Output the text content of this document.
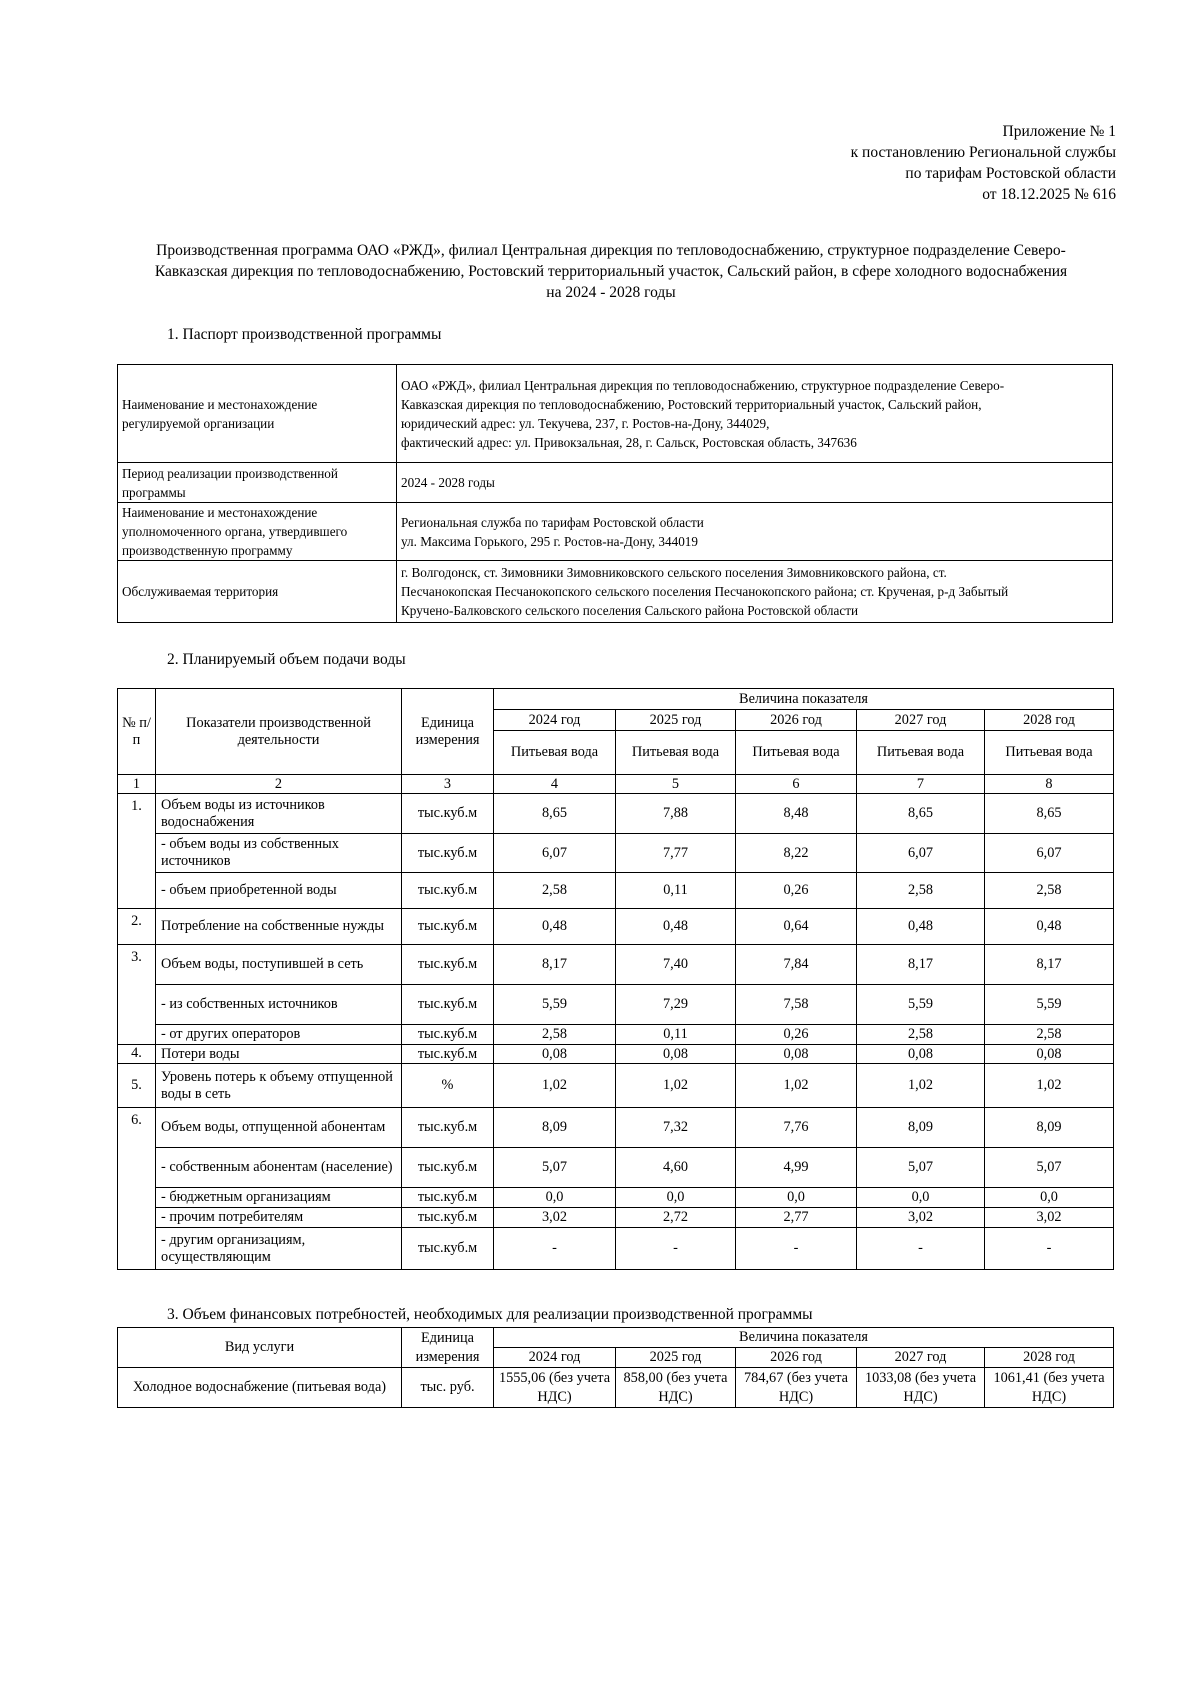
Приложение № 1
к постановлению Региональной службы
по тарифам Ростовской области
от 18.12.2025 № 616
Производственная программа ОАО «РЖД», филиал Центральная дирекция по тепловодоснабжению, структурное подразделение Северо-
Кавказская дирекция по тепловодоснабжению, Ростовский территориальный участок, Сальский район, в сфере холодного водоснабжения
на 2024 - 2028 годы
1. Паспорт производственной программы
Наименование и местонахождение регулируемой организации	ОАО «РЖД», филиал Центральная дирекция по тепловодоснабжению, структурное подразделение Северо-
Кавказская дирекция по тепловодоснабжению, Ростовский территориальный участок, Сальский район,
юридический адрес: ул. Текучева, 237, г. Ростов-на-Дону, 344029,
фактический адрес: ул. Привокзальная, 28, г. Сальск, Ростовская область, 347636

Период реализации производственной программы	2024 - 2028 годы

Наименование и местонахождение уполномоченного органа, утвердившего производственную программу	Региональная служба по тарифам Ростовской области
ул. Максима Горького, 295 г. Ростов-на-Дону, 344019

Обслуживаемая территория	г. Волгодонск, ст. Зимовники Зимовниковского сельского поселения Зимовниковского района, ст.
Песчанокопская Песчанокопского сельского поселения Песчанокопского района; ст. Крученая, р-д Забытый
Кручено-Балковского сельского поселения Сальского района Ростовской области
2. Планируемый объем подачи воды
№ п/п	Показатели производственной деятельности	Единица измерения	Величина показателя				
			2024 год	2025 год	2026 год	2027 год	2028 год
			Питьевая вода	Питьевая вода	Питьевая вода	Питьевая вода	Питьевая вода
1	2	3	4	5	6	7	8
1.	Объем воды из источников водоснабжения	тыс.куб.м	8,65	7,88	8,48	8,65	8,65
	- объем воды из собственных источников	тыс.куб.м	6,07	7,77	8,22	6,07	6,07
	- объем приобретенной воды	тыс.куб.м	2,58	0,11	0,26	2,58	2,58
2.	Потребление на собственные нужды	тыс.куб.м	0,48	0,48	0,64	0,48	0,48
3.	Объем воды, поступившей в сеть	тыс.куб.м	8,17	7,40	7,84	8,17	8,17
	- из собственных источников	тыс.куб.м	5,59	7,29	7,58	5,59	5,59
	- от других операторов	тыс.куб.м	2,58	0,11	0,26	2,58	2,58
4.	Потери воды	тыс.куб.м	0,08	0,08	0,08	0,08	0,08
5.	Уровень потерь к объему отпущенной воды в сеть	%	1,02	1,02	1,02	1,02	1,02
6.	Объем воды, отпущенной абонентам	тыс.куб.м	8,09	7,32	7,76	8,09	8,09
	- собственным абонентам (население)	тыс.куб.м	5,07	4,60	4,99	5,07	5,07
	- бюджетным организациям	тыс.куб.м	0,0	0,0	0,0	0,0	0,0
	- прочим потребителям	тыс.куб.м	3,02	2,72	2,77	3,02	3,02
	- другим организациям, осуществляющим	тыс.куб.м	-	-	-	-	-
3. Объем финансовых потребностей, необходимых для реализации производственной программы
Вид услуги	Единица измерения	Величина показателя				
		2024 год	2025 год	2026 год	2027 год	2028 год
Холодное водоснабжение (питьевая вода)	тыс. руб.	1555,06 (без учета НДС)	858,00 (без учета НДС)	784,67 (без учета НДС)	1033,08 (без учета НДС)	1061,41 (без учета НДС)
